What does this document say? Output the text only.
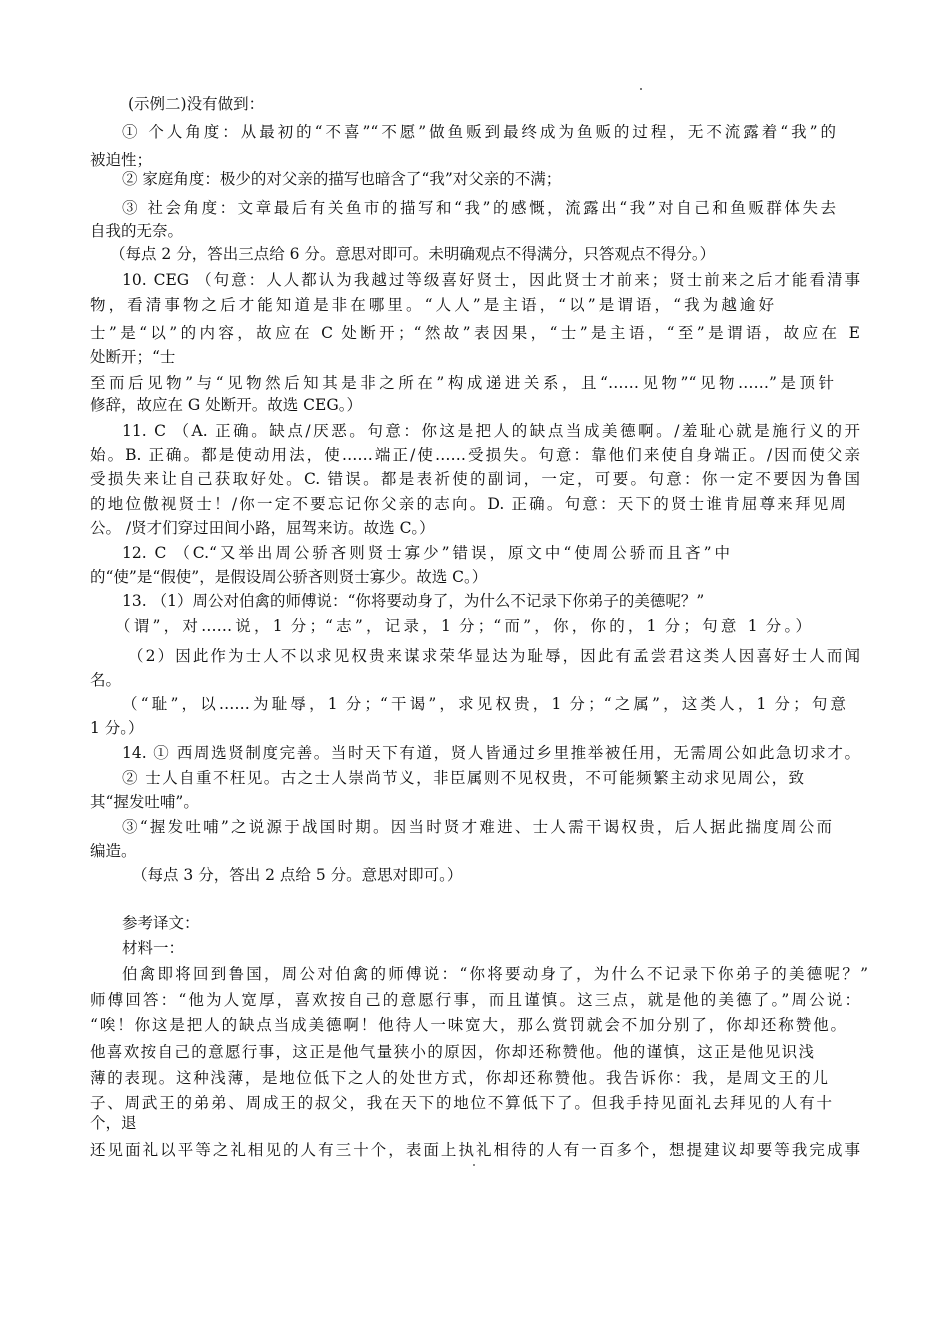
(示例二)没有做到：
① 个人角度：从最初的“不喜”“不愿”做鱼贩到最终成为鱼贩的过程，无不流露着“我”的
被迫性；
② 家庭角度：极少的对父亲的描写也暗含了“我”对父亲的不满；
③ 社会角度：文章最后有关鱼市的描写和“我”的感慨，流露出“我”对自己和鱼贩群体失去
自我的无奈。
（每点 2 分，答出三点给 6 分。意思对即可。未明确观点不得满分，只答观点不得分。）
10. CEG （句意：人人都认为我越过等级喜好贤士，因此贤士才前来；贤士前来之后才能看清事
物，看清事物之后才能知道是非在哪里。“人人”是主语，“以”是谓语，“我为越逾好
士”是“以”的内容，故应在 C 处断开；“然故”表因果，“士”是主语，“至”是谓语，故应在 E
处断开；“士
至而后见物”与“见物然后知其是非之所在”构成递进关系，且“……见物”“见物……”是顶针
修辞，故应在 G 处断开。故选 CEG。）
11. C （A. 正确。缺点/厌恶。句意：你这是把人的缺点当成美德啊。/羞耻心就是施行义的开
始。B. 正确。都是使动用法，使……端正/使……受损失。句意：靠他们来使自身端正。/因而使父亲
受损失来让自己获取好处。C. 错误。都是表祈使的副词，一定，可要。句意：你一定不要因为鲁国
的地位傲视贤士！/你一定不要忘记你父亲的志向。D. 正确。句意：天下的贤士谁肯屈尊来拜见周
公。 /贤才们穿过田间小路，屈驾来访。故选 C。）
12. C （C.“又举出周公骄吝则贤士寡少”错误，原文中“使周公骄而且吝”中
的“使”是“假使”，是假设周公骄吝则贤士寡少。故选 C。）
13. （1）周公对伯禽的师傅说：“你将要动身了，为什么不记录下你弟子的美德呢？”
（谓”，对……说，1 分；“志”，记录，1 分；“而”，你，你的，1 分；句意 1 分。）
（2）因此作为士人不以求见权贵来谋求荣华显达为耻辱，因此有孟尝君这类人因喜好士人而闻
名。
（“耻”，以……为耻辱，1 分；“干谒”，求见权贵，1 分；“之属”，这类人，1 分；句意
1 分。）
14. ① 西周选贤制度完善。当时天下有道，贤人皆通过乡里推举被任用，无需周公如此急切求才。
② 士人自重不枉见。古之士人崇尚节义，非臣属则不见权贵，不可能频繁主动求见周公，致
其“握发吐哺”。
③“握发吐哺”之说源于战国时期。因当时贤才难进、士人需干谒权贵，后人据此揣度周公而
编造。
（每点 3 分，答出 2 点给 5 分。意思对即可。）
参考译文：
材料一：
伯禽即将回到鲁国，周公对伯禽的师傅说：“你将要动身了，为什么不记录下你弟子的美德呢？”
师傅回答：“他为人宽厚，喜欢按自己的意愿行事，而且谨慎。这三点，就是他的美德了。”周公说：
“唉！你这是把人的缺点当成美德啊！他待人一味宽大，那么赏罚就会不加分别了，你却还称赞他。
他喜欢按自己的意愿行事，这正是他气量狭小的原因，你却还称赞他。他的谨慎，这正是他见识浅
薄的表现。这种浅薄，是地位低下之人的处世方式，你却还称赞他。我告诉你：我，是周文王的儿
子、周武王的弟弟、周成王的叔父，我在天下的地位不算低下了。但我手持见面礼去拜见的人有十
个，退
还见面礼以平等之礼相见的人有三十个，表面上执礼相待的人有一百多个，想提建议却要等我完成事
